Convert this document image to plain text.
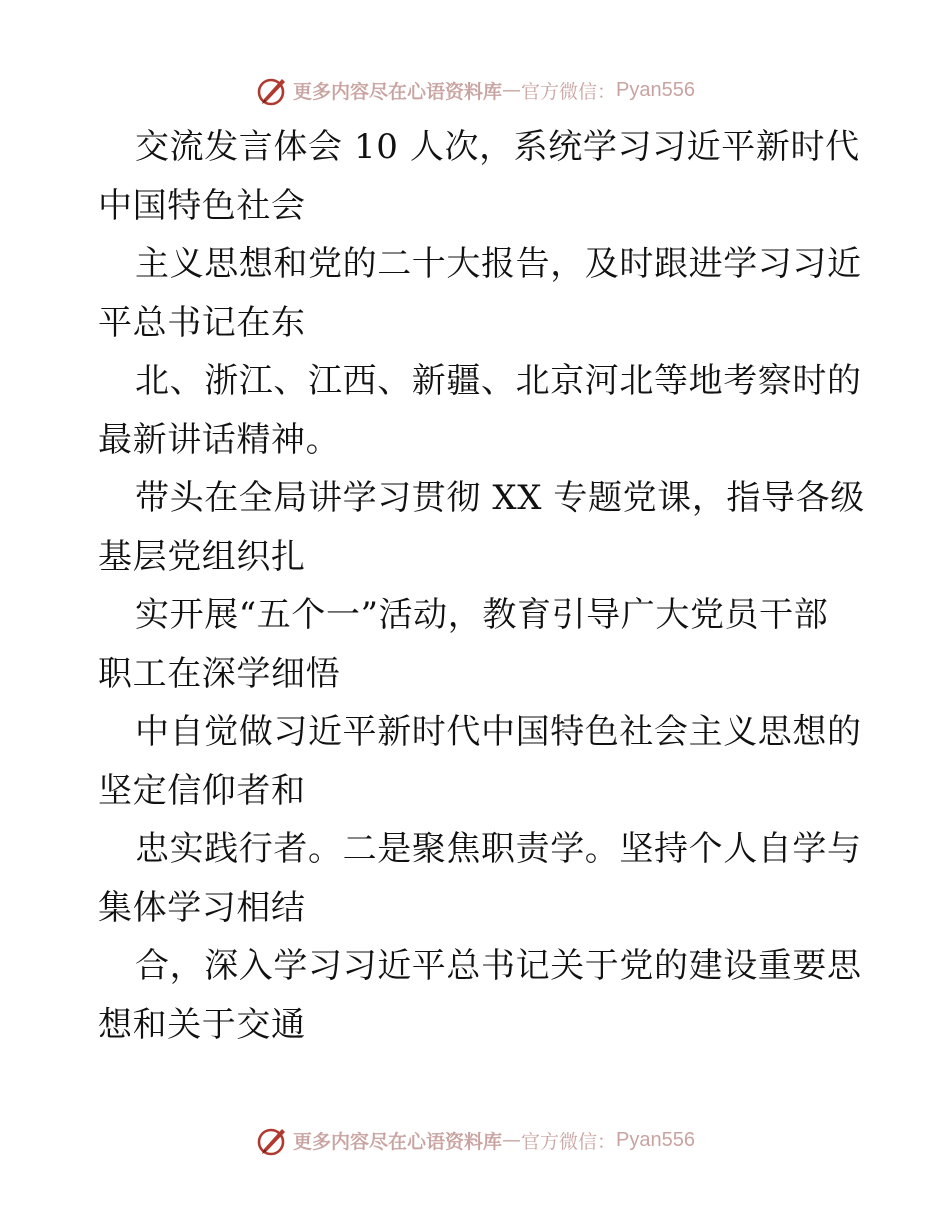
更多内容尽在心语资料库 — 官方微信： Pyan556
交流发言体会 10 人次，系统学习习近平新时代
中国特色社会
主义思想和党的二十大报告，及时跟进学习习近
平总书记在东
北、浙江、江西、新疆、北京河北等地考察时的
最新讲话精神。
带头在全局讲学习贯彻 XX 专题党课，指导各级
基层党组织扎
实开展“五个一”活动，教育引导广大党员干部
职工在深学细悟
中自觉做习近平新时代中国特色社会主义思想的
坚定信仰者和
忠实践行者。二是聚焦职责学。坚持个人自学与
集体学习相结
合，深入学习习近平总书记关于党的建设重要思
想和关于交通
更多内容尽在心语资料库 — 官方微信： Pyan556
